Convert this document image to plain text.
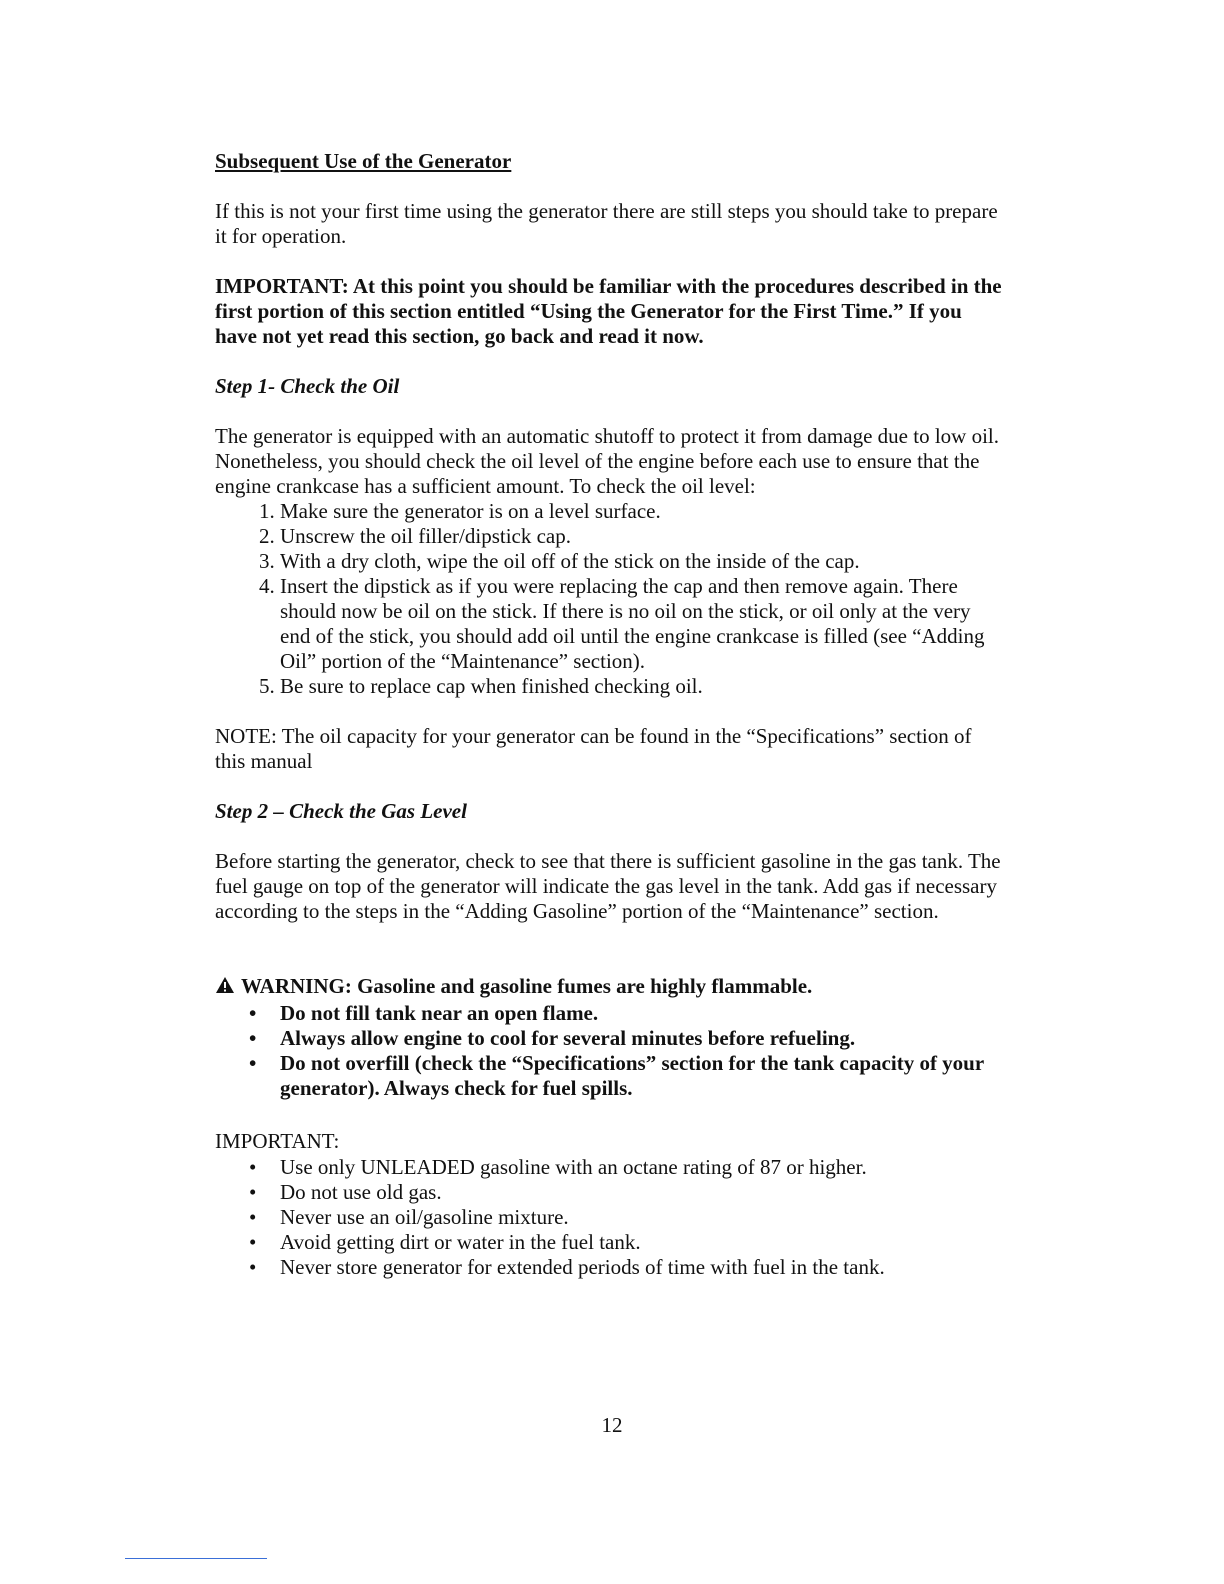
Subsequent Use of the Generator
If this is not your first time using the generator there are still steps you should take to prepare it for operation.
IMPORTANT: At this point you should be familiar with the procedures described in the first portion of this section entitled “Using the Generator for the First Time.” If you have not yet read this section, go back and read it now.
Step 1- Check the Oil
The generator is equipped with an automatic shutoff to protect it from damage due to low oil. Nonetheless, you should check the oil level of the engine before each use to ensure that the engine crankcase has a sufficient amount. To check the oil level:
1. Make sure the generator is on a level surface.
2. Unscrew the oil filler/dipstick cap.
3. With a dry cloth, wipe the oil off of the stick on the inside of the cap.
4. Insert the dipstick as if you were replacing the cap and then remove again. There should now be oil on the stick. If there is no oil on the stick, or oil only at the very end of the stick, you should add oil until the engine crankcase is filled (see “Adding Oil” portion of the “Maintenance” section).
5. Be sure to replace cap when finished checking oil.
NOTE: The oil capacity for your generator can be found in the “Specifications” section of this manual
Step 2 – Check the Gas Level
Before starting the generator, check to see that there is sufficient gasoline in the gas tank. The fuel gauge on top of the generator will indicate the gas level in the tank. Add gas if necessary according to the steps in the “Adding Gasoline” portion of the “Maintenance” section.
WARNING: Gasoline and gasoline fumes are highly flammable.
• Do not fill tank near an open flame.
• Always allow engine to cool for several minutes before refueling.
• Do not overfill (check the “Specifications” section for the tank capacity of your generator). Always check for fuel spills.
IMPORTANT:
• Use only UNLEADED gasoline with an octane rating of 87 or higher.
• Do not use old gas.
• Never use an oil/gasoline mixture.
• Avoid getting dirt or water in the fuel tank.
• Never store generator for extended periods of time with fuel in the tank.
12
